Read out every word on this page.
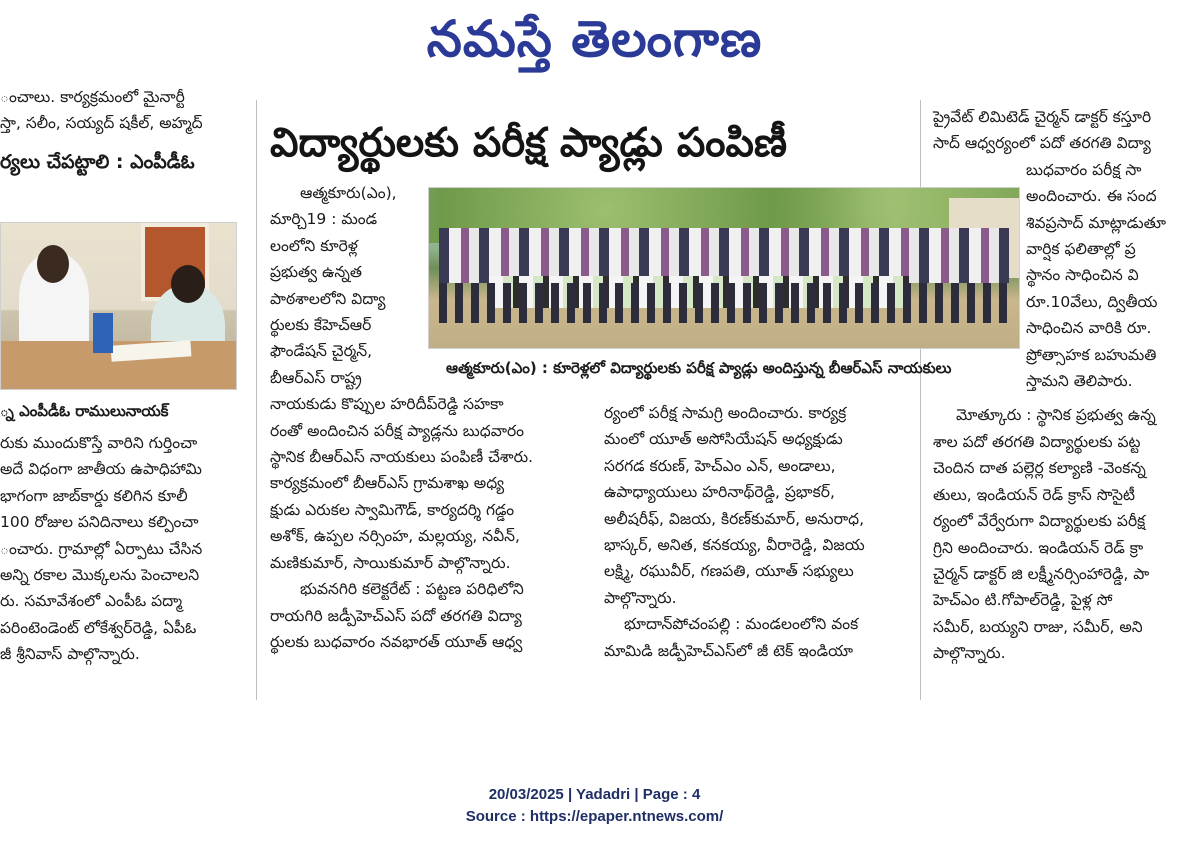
నమస్తే తెలంగాణ

ంచాలు. కార్యక్రమంలో మైనార్టీ

స్తా, సలీం, సయ్యద్ షకీల్, అహ్మద్

ర్యలు చేపట్టాలి : ఎంపీడీఓ

్న ఎంపీడీఓ రాములునాయక్

రుకు ముందుకొస్తే వారిని గుర్తించా

అదే విధంగా జాతీయ ఉపాధిహామి

భాగంగా జాబ్‌కార్డు కలిగిన కూలీ

100 రోజుల పనిదినాలు కల్పించా

ంచారు. గ్రామాల్లో ఏర్పాటు చేసిన

అన్ని రకాల మొక్కలను పెంచాలని

రు. సమావేశంలో ఎంపీఓ పద్మా

పరింటెండెంట్ లోకేశ్వర్‌రెడ్డి, ఏపీఓ

జీ శ్రీనివాస్ పాల్గొన్నారు.

విద్యార్థులకు పరీక్ష ప్యాడ్లు పంపిణీ
ఆత్మకూరు(ఎం) : కూరెళ్లలో విద్యార్థులకు పరీక్ష ప్యాడ్లు అందిస్తున్న బీఆర్‌ఎస్ నాయకులు

ఆత్మకూరు(ఎం),

మార్చి19 : మండ

లంలోని కూరెళ్ల

ప్రభుత్వ ఉన్నత

పాఠశాలలోని విద్యా

ర్థులకు కేహెచ్‌ఆర్

ఫౌండేషన్ చైర్మన్,

బీఆర్‌ఎస్ రాష్ట్ర

నాయకుడు కొప్పుల హరిదీప్‌రెడ్డి సహకా

రంతో అందించిన పరీక్ష ప్యాడ్లను బుధవారం

స్థానిక బీఆర్‌ఎస్ నాయకులు పంపిణీ చేశారు.

కార్యక్రమంలో బీఆర్‌ఎస్ గ్రామశాఖ అధ్య

క్షుడు ఎరుకల స్వామిగౌడ్, కార్యదర్శి గడ్డం

అశోక్, ఉప్పల నర్సింహ, మల్లయ్య, నవీన్,

మణికుమార్, సాయికుమార్ పాల్గొన్నారు.

భువనగిరి కలెక్టరేట్ : పట్టణ పరిధిలోని

రాయగిరి జడ్పీహెచ్‌ఎస్ పదో తరగతి విద్యా

ర్థులకు బుధవారం నవభారత్ యూత్ ఆధ్వ

ర్యంలో పరీక్ష సామగ్రి అందించారు. కార్యక్ర

మంలో యూత్ అసోసియేషన్ అధ్యక్షుడు

సరగడ కరుణ్, హెచ్‌ఎం ఎన్, అండాలు,

ఉపాధ్యాయులు హరినాథ్‌రెడ్డి, ప్రభాకర్,

అలీషరీఫ్, విజయ, కిరణ్‌కుమార్, అనురాధ,

భాస్కర్, అనిత, కనకయ్య, వీరారెడ్డి, విజయ

లక్ష్మి, రఘువీర్, గణపతి, యూత్ సభ్యులు

పాల్గొన్నారు.

భూదాన్‌పోచంపల్లి : మండలంలోని వంక

మామిడి జడ్పీహెచ్‌ఎస్‌లో జీ టెక్ ఇండియా

ప్రైవేట్ లిమిటెడ్ చైర్మన్ డాక్టర్ కస్తూరి

సాద్ ఆధ్వర్యంలో పదో తరగతి విద్యా

బుధవారం పరీక్ష సా

అందించారు. ఈ సంద

శివప్రసాద్ మాట్లాడుతూ

వార్షిక ఫలితాల్లో ప్ర

స్థానం సాధించిన వి

రూ.10వేలు, ద్వితీయ

సాధించిన వారికి రూ.

ప్రోత్సాహక బహుమతి

స్తామని తెలిపారు.

మోత్కూరు : స్థానిక ప్రభుత్వ ఉన్న

శాల పదో తరగతి విద్యార్థులకు పట్ట

చెందిన దాత పల్లెర్ల కల్యాణి -వెంకన్న

తులు, ఇండియన్ రెడ్ క్రాస్ సొసైటీ

ర్యంలో వేర్వేరుగా విద్యార్థులకు పరీక్ష

గ్రిని అందించారు. ఇండియన్ రెడ్ క్రా

చైర్మన్ డాక్టర్ జి లక్ష్మీనర్సింహారెడ్డి, పా

హెచ్‌ఎం టి.గోపాల్‌రెడ్డి, పైళ్ల సో

సమీర్, బయ్యని రాజు, సమీర్, అని

పాల్గొన్నారు.

20/03/2025 | Yadadri | Page : 4
Source : https://epaper.ntnews.com/
